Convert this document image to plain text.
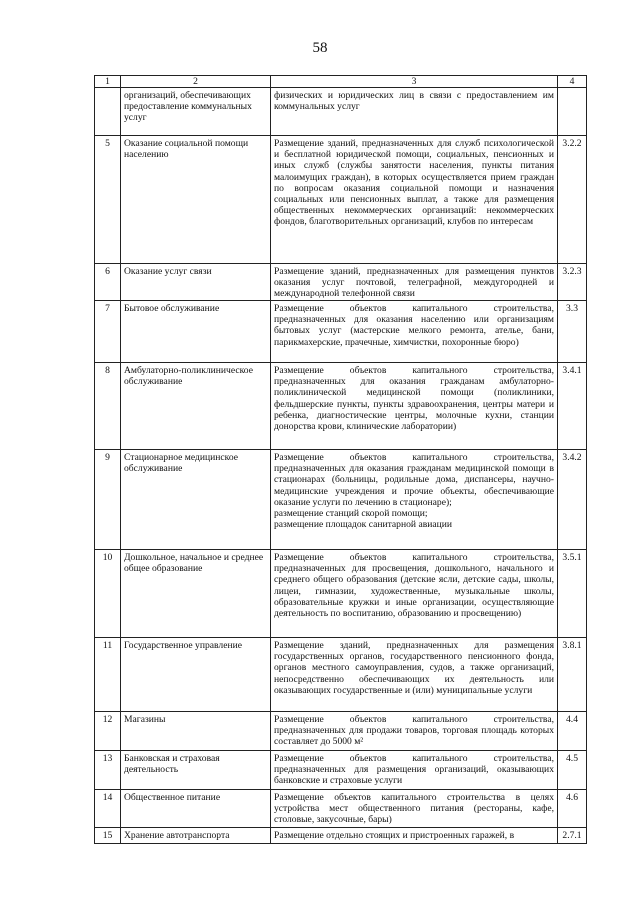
58
1	2	3	4
	организаций, обеспечивающих предоставление коммунальных услуг	физических и юридических лиц в связи с предоставлением им коммунальных услуг	

5	Оказание социальной помощи населению	Размещение зданий, предназначенных для служб психологической и бесплатной юридической помощи, социальных, пенсионных и иных служб (службы занятости населения, пункты питания малоимущих граждан), в которых осуществляется прием граждан по вопросам оказания социальной помощи и назначения социальных или пенсионных выплат, а также для размещения общественных некоммерческих организаций: некоммерческих фондов, благотворительных организаций, клубов по интересам	3.2.2
6	Оказание услуг связи	Размещение зданий, предназначенных для размещения пунктов оказания услуг почтовой, телеграфной, междугородней и международной телефонной связи	3.2.3
7	Бытовое обслуживание	Размещение объектов капитального строительства, предназначенных для оказания населению или организациям бытовых услуг (мастерские мелкого ремонта, ателье, бани, парикмахерские, прачечные, химчистки, похоронные бюро)	3.3
8	Амбулаторно-поликлиническое обслуживание	Размещение объектов капитального строительства, предназначенных для оказания гражданам амбулаторно-поликлинической медицинской помощи (поликлиники, фельдшерские пункты, пункты здравоохранения, центры матери и ребенка, диагностические центры, молочные кухни, станции донорства крови, клинические лаборатории)	3.4.1
9	Стационарное медицинское обслуживание	Размещение объектов капитального строительства, предназначенных для оказания гражданам медицинской помощи в стационарах (больницы, родильные дома, диспансеры, научно-медицинские учреждения и прочие объекты, обеспечивающие оказание услуги по лечению в стационаре);
размещение станций скорой помощи;
размещение площадок санитарной авиации	3.4.2
10	Дошкольное, начальное и среднее общее образование	Размещение объектов капитального строительства, предназначенных для просвещения, дошкольного, начального и среднего общего образования (детские ясли, детские сады, школы, лицеи, гимназии, художественные, музыкальные школы, образовательные кружки и иные организации, осуществляющие деятельность по воспитанию, образованию и просвещению)	3.5.1
11	Государственное управление	Размещение зданий, предназначенных для размещения государственных органов, государственного пенсионного фонда, органов местного самоуправления, судов, а также организаций, непосредственно обеспечивающих их деятельность или оказывающих государственные и (или) муниципальные услуги	3.8.1
12	Магазины	Размещение объектов капитального строительства, предназначенных для продажи товаров, торговая площадь которых составляет до 5000 м²	4.4
13	Банковская и страховая деятельность	Размещение объектов капитального строительства, предназначенных для размещения организаций, оказывающих банковские и страховые услуги	4.5
14	Общественное питание	Размещение объектов капитального строительства в целях устройства мест общественного питания (рестораны, кафе, столовые, закусочные, бары)	4.6
15	Хранение автотранспорта	Размещение отдельно стоящих и пристроенных гаражей, в	2.7.1
